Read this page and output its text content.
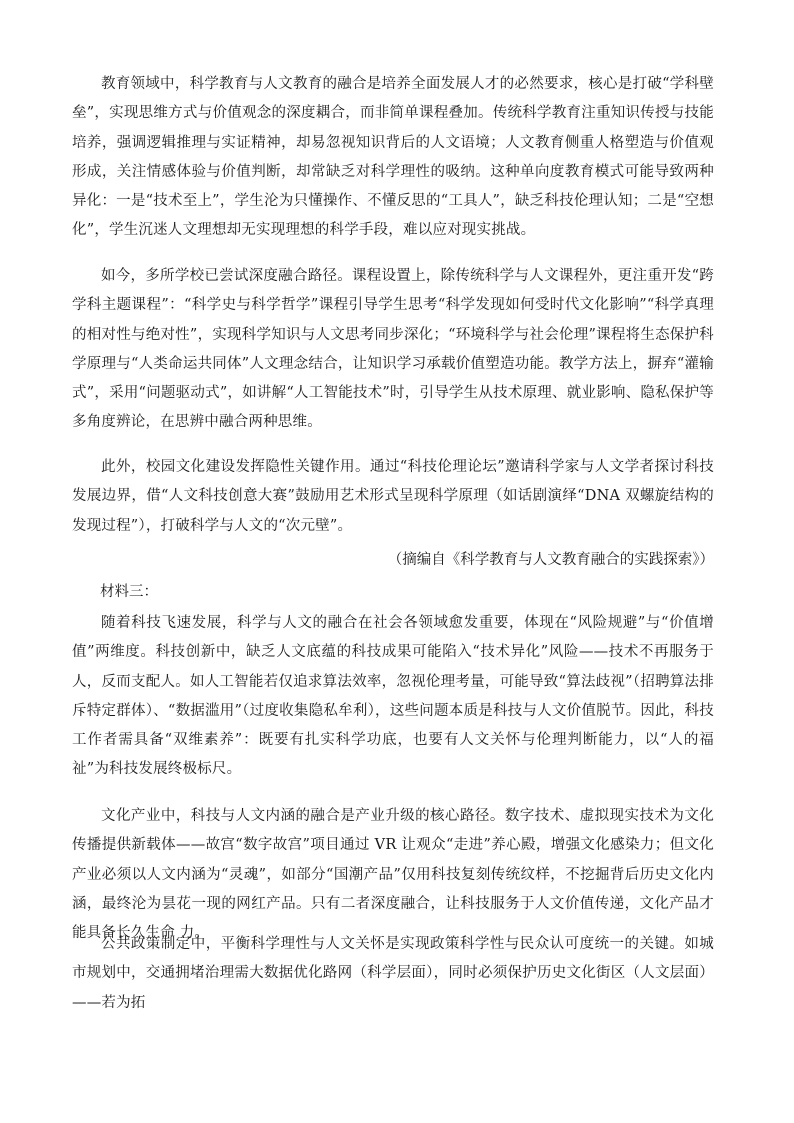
教育领域中，科学教育与人文教育的融合是培养全面发展人才的必然要求，核心是打破“学科壁垒”，实现思维方式与价值观念的深度耦合，而非简单课程叠加。传统科学教育注重知识传授与技能培养，强调逻辑推理与实证精神，却易忽视知识背后的人文语境；人文教育侧重人格塑造与价值观形成，关注情感体验与价值判断，却常缺乏对科学理性的吸纳。这种单向度教育模式可能导致两种异化：一是“技术至上”，学生沦为只懂操作、不懂反思的“工具人”，缺乏科技伦理认知；二是“空想化”，学生沉迷人文理想却无实现理想的科学手段，难以应对现实挑战。

如今，多所学校已尝试深度融合路径。课程设置上，除传统科学与人文课程外，更注重开发“跨学科主题课程”：“科学史与科学哲学”课程引导学生思考“科学发现如何受时代文化影响”“科学真理的相对性与绝对性”，实现科学知识与人文思考同步深化；“环境科学与社会伦理”课程将生态保护科学原理与“人类命运共同体”人文理念结合，让知识学习承载价值塑造功能。教学方法上，摒弃“灌输式”，采用“问题驱动式”，如讲解“人工智能技术”时，引导学生从技术原理、就业影响、隐私保护等多角度辨论，在思辨中融合两种思维。

此外，校园文化建设发挥隐性关键作用。通过“科技伦理论坛”邀请科学家与人文学者探讨科技发展边界，借“人文科技创意大赛”鼓励用艺术形式呈现科学原理（如话剧演绎“DNA 双螺旋结构的发现过程”），打破科学与人文的“次元壁”。

（摘编自《科学教育与人文教育融合的实践探索》）

材料三：

随着科技飞速发展，科学与人文的融合在社会各领域愈发重要，体现在“风险规避”与“价值增值”两维度。科技创新中，缺乏人文底蕴的科技成果可能陷入“技术异化”风险——技术不再服务于人，反而支配人。如人工智能若仅追求算法效率，忽视伦理考量，可能导致“算法歧视”（招聘算法排斥特定群体）、“数据滥用”（过度收集隐私牟利），这些问题本质是科技与人文价值脱节。因此，科技工作者需具备“双维素养”：既要有扎实科学功底，也要有人文关怀与伦理判断能力，以“人的福祉”为科技发展终极标尺。

文化产业中，科技与人文内涵的融合是产业升级的核心路径。数字技术、虚拟现实技术为文化传播提供新载体——故宫“数字故宫”项目通过 VR 让观众“走进”养心殿，增强文化感染力；但文化产业必须以人文内涵为“灵魂”，如部分“国潮产品”仅用科技复刻传统纹样，不挖掘背后历史文化内涵，最终沦为昙花一现的网红产品。只有二者深度融合，让科技服务于人文价值传递，文化产品才能具备长久生命 力。

公共政策制定中，平衡科学理性与人文关怀是实现政策科学性与民众认可度统一的关键。如城市规划中，交通拥堵治理需大数据优化路网（科学层面），同时必须保护历史文化街区（人文层面）——若为拓
